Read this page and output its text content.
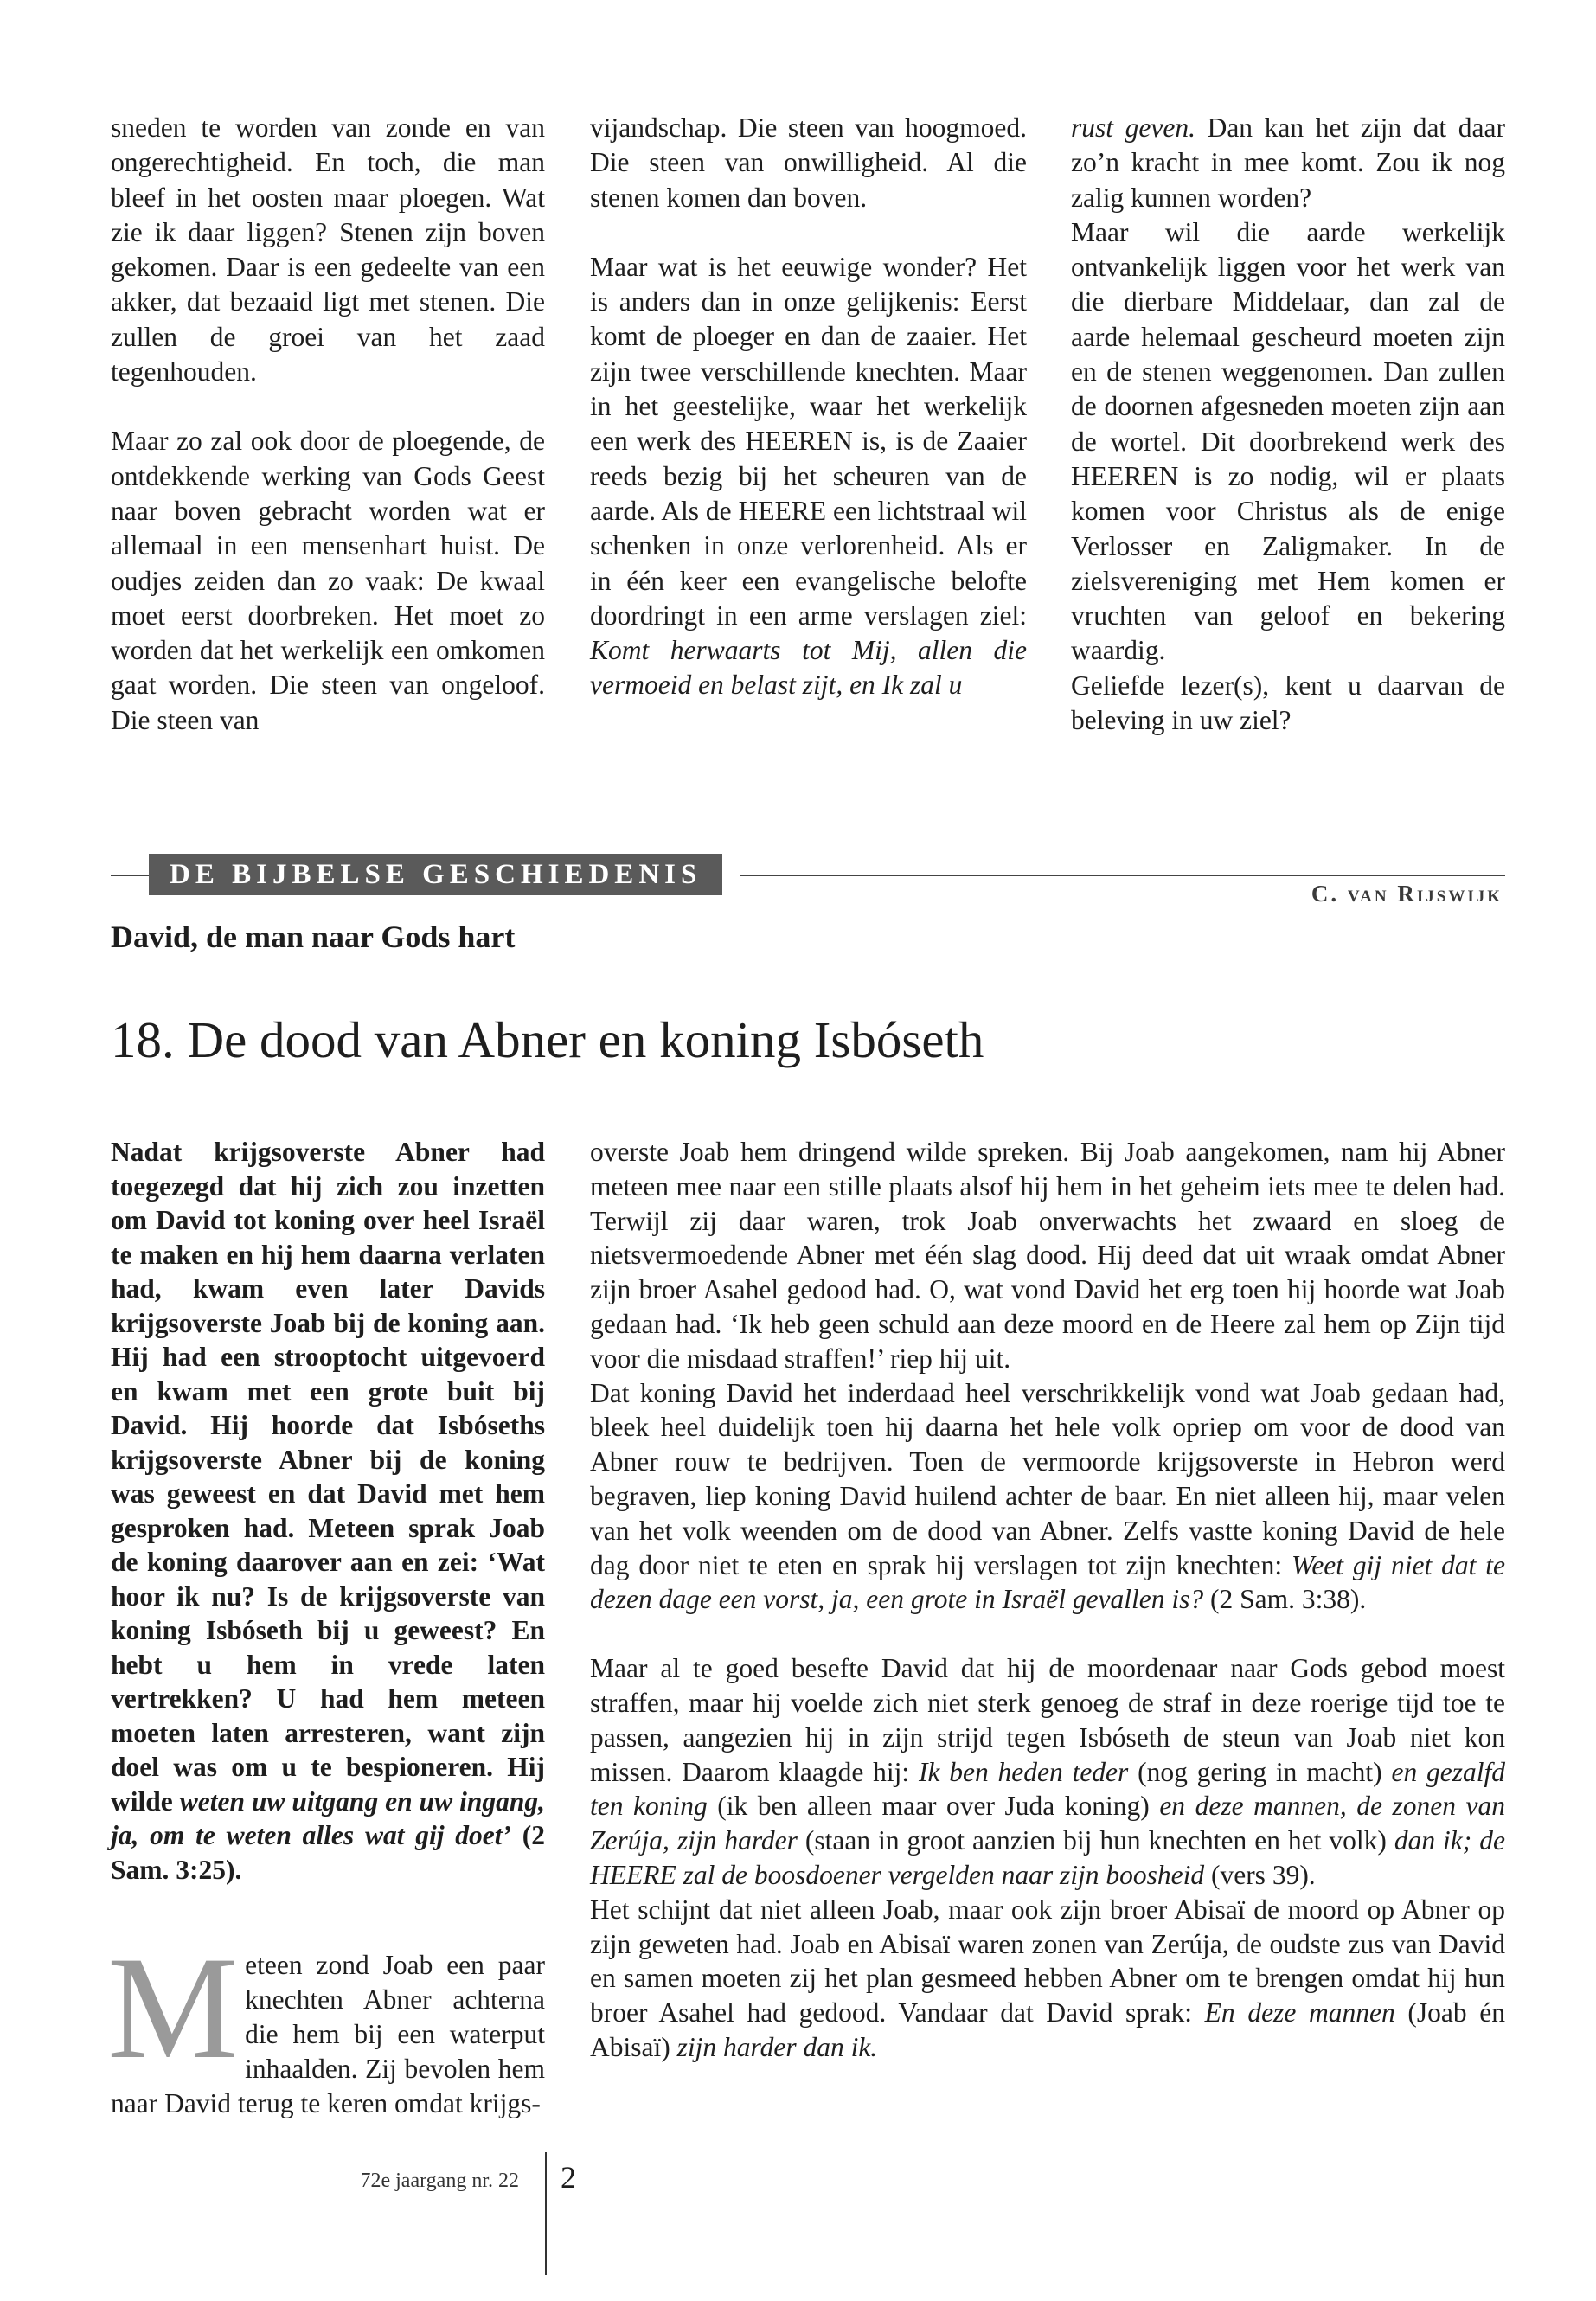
sneden te worden van zonde en van ongerechtigheid. En toch, die man bleef in het oosten maar ploegen. Wat zie ik daar liggen? Stenen zijn boven gekomen. Daar is een gedeelte van een akker, dat bezaaid ligt met stenen. Die zullen de groei van het zaad tegenhouden.

Maar zo zal ook door de ploegende, de ontdekkende werking van Gods Geest naar boven gebracht worden wat er allemaal in een mensenhart huist. De oudjes zeiden dan zo vaak: De kwaal moet eerst doorbreken. Het moet zo worden dat het werkelijk een omkomen gaat worden. Die steen van ongeloof. Die steen van

vijandschap. Die steen van hoogmoed. Die steen van onwilligheid. Al die stenen komen dan boven.

Maar wat is het eeuwige wonder? Het is anders dan in onze gelijkenis: Eerst komt de ploeger en dan de zaaier. Het zijn twee verschillende knechten. Maar in het geestelijke, waar het werkelijk een werk des HEEREN is, is de Zaaier reeds bezig bij het scheuren van de aarde. Als de HEERE een lichtstraal wil schenken in onze verlorenheid. Als er in één keer een evangelische belofte doordringt in een arme verslagen ziel: Komt herwaarts tot Mij, allen die vermoeid en belast zijt, en Ik zal u

rust geven. Dan kan het zijn dat daar zo’n kracht in mee komt. Zou ik nog zalig kunnen worden?

Maar wil die aarde werkelijk ontvankelijk liggen voor het werk van die dierbare Middelaar, dan zal de aarde helemaal gescheurd moeten zijn en de stenen weggenomen. Dan zullen de doornen afgesneden moeten zijn aan de wortel. Dit doorbrekend werk des HEEREN is zo nodig, wil er plaats komen voor Christus als de enige Verlosser en Zaligmaker. In de zielsvereniging met Hem komen er vruchten van geloof en bekering waardig.

Geliefde lezer(s), kent u daarvan de beleving in uw ziel?

DE BIJBELSE GESCHIEDENIS
C. van Rijswijk
David, de man naar Gods hart
18. De dood van Abner en koning Isbóseth
Nadat krijgsoverste Abner had toegezegd dat hij zich zou inzetten om David tot koning over heel Israël te maken en hij hem daarna verlaten had, kwam even later Davids krijgsoverste Joab bij de koning aan. Hij had een strooptocht uitgevoerd en kwam met een grote buit bij David. Hij hoorde dat Isbóseths krijgsoverste Abner bij de koning was geweest en dat David met hem gesproken had. Meteen sprak Joab de koning daarover aan en zei: ‘Wat hoor ik nu? Is de krijgsoverste van koning Isbóseth bij u geweest? En hebt u hem in vrede laten vertrekken? U had hem meteen moeten laten arresteren, want zijn doel was om u te bespioneren. Hij wilde weten uw uitgang en uw ingang, ja, om te weten alles wat gij doet’ (2 Sam. 3:25).
Meteen zond Joab een paar knechten Abner achterna die hem bij een waterput inhaalden. Zij bevolen hem naar David terug te keren omdat krijgs-

overste Joab hem dringend wilde spreken. Bij Joab aangekomen, nam hij Abner meteen mee naar een stille plaats alsof hij hem in het geheim iets mee te delen had. Terwijl zij daar waren, trok Joab onverwachts het zwaard en sloeg de nietsvermoedende Abner met één slag dood. Hij deed dat uit wraak omdat Abner zijn broer Asahel gedood had. O, wat vond David het erg toen hij hoorde wat Joab gedaan had. ‘Ik heb geen schuld aan deze moord en de Heere zal hem op Zijn tijd voor die misdaad straffen!’ riep hij uit.

Dat koning David het inderdaad heel verschrikkelijk vond wat Joab gedaan had, bleek heel duidelijk toen hij daarna het hele volk opriep om voor de dood van Abner rouw te bedrijven. Toen de vermoorde krijgsoverste in Hebron werd begraven, liep koning David huilend achter de baar. En niet alleen hij, maar velen van het volk weenden om de dood van Abner. Zelfs vastte koning David de hele dag door niet te eten en sprak hij verslagen tot zijn knechten: Weet gij niet dat te dezen dage een vorst, ja, een grote in Israël gevallen is? (2 Sam. 3:38).

Maar al te goed besefte David dat hij de moordenaar naar Gods gebod moest straffen, maar hij voelde zich niet sterk genoeg de straf in deze roerige tijd toe te passen, aangezien hij in zijn strijd tegen Isbóseth de steun van Joab niet kon missen. Daarom klaagde hij: Ik ben heden teder (nog gering in macht) en gezalfd ten koning (ik ben alleen maar over Juda koning) en deze mannen, de zonen van Zerúja, zijn harder (staan in groot aanzien bij hun knechten en het volk) dan ik; de HEERE zal de boosdoener vergelden naar zijn boosheid (vers 39).

Het schijnt dat niet alleen Joab, maar ook zijn broer Abisaï de moord op Abner op zijn geweten had. Joab en Abisaï waren zonen van Zerúja, de oudste zus van David en samen moeten zij het plan gesmeed hebben Abner om te brengen omdat hij hun broer Asahel had gedood. Vandaar dat David sprak: En deze mannen (Joab én Abisaï) zijn harder dan ik.

72e jaargang nr. 22 2
